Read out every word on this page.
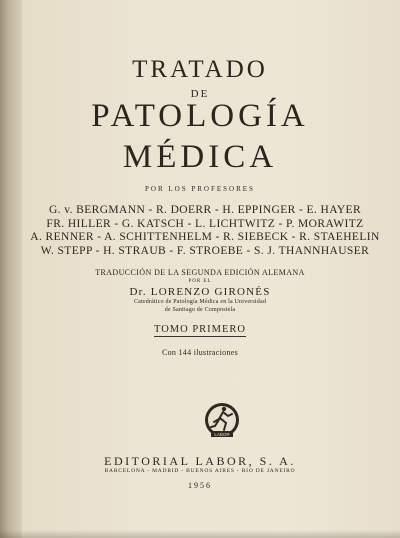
TRATADO
DE
PATOLOGÍA
MÉDICA
POR LOS PROFESORES
G. v. BERGMANN - R. DOERR - H. EPPINGER - E. HAYER
FR. HILLER - G. KATSCH - L. LICHTWITZ - P. MORAWITZ
A. RENNER - A. SCHITTENHELM - R. SIEBECK - R. STAEHELIN
W. STEPP - H. STRAUB - F. STROEBE - S. J. THANNHAUSER
TRADUCCIÓN DE LA SEGUNDA EDICIÓN ALEMANA
POR EL
Dr. LORENZO GIRONÉS
Catedrático de Patología Médica en la Universidad
de Santiago de Compostela
TOMO PRIMERO
Con 144 ilustraciones
LABOR
EDITORIAL LABOR, S. A.
BARCELONA - MADRID - BUENOS AIRES - RIO DE JANEIRO
1956
